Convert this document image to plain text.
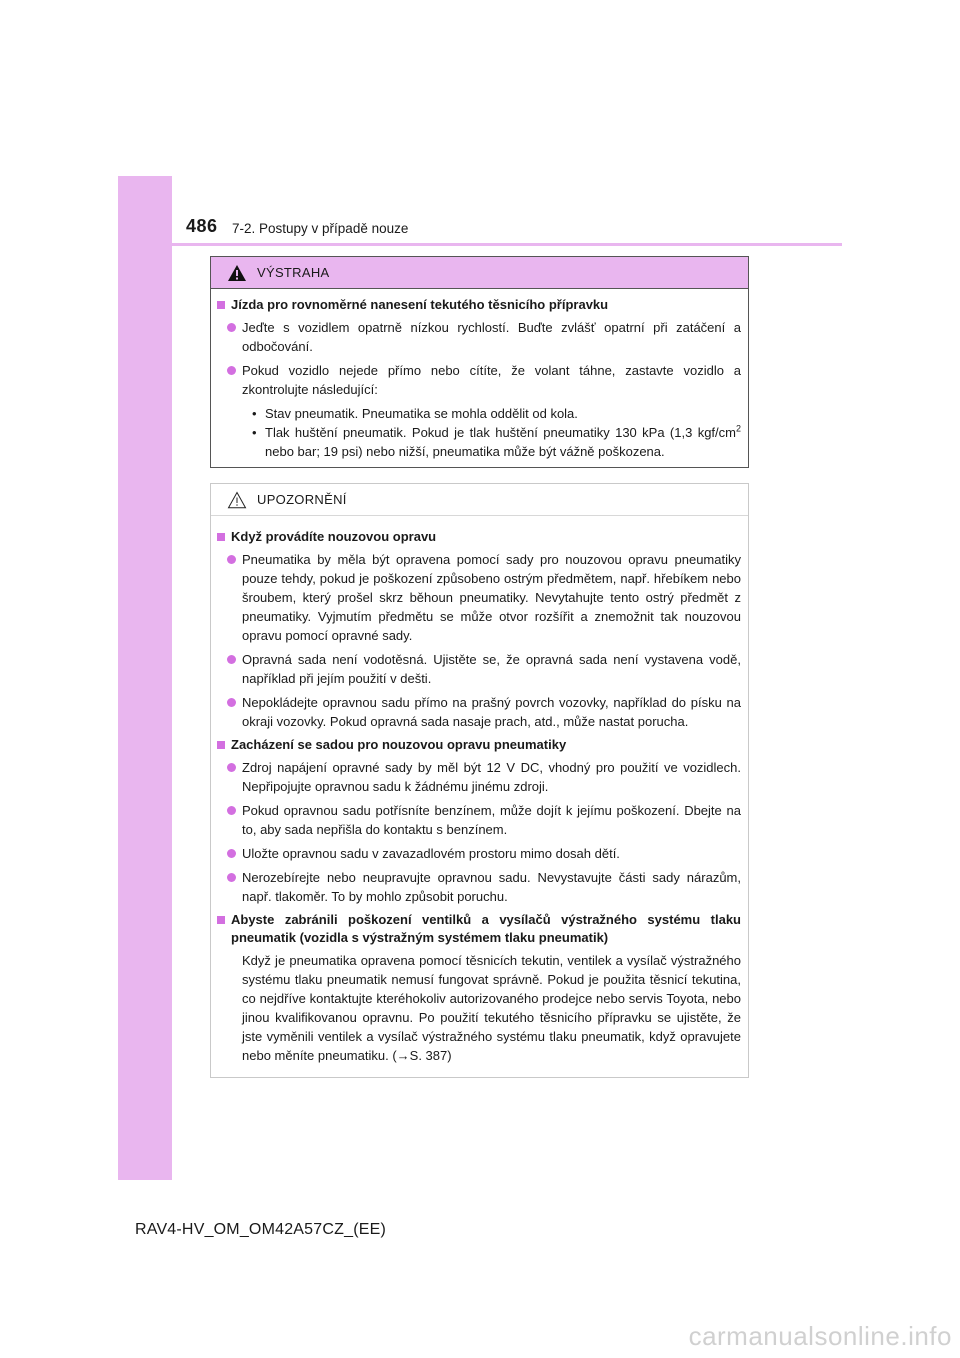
486 7-2. Postupy v případě nouze
VÝSTRAHA
Jízda pro rovnoměrné nanesení tekutého těsnicího přípravku
Jeďte s vozidlem opatrně nízkou rychlostí. Buďte zvlášť opatrní při zatáčení a odbočování.
Pokud vozidlo nejede přímo nebo cítíte, že volant táhne, zastavte vozidlo a zkontrolujte následující:
• Stav pneumatik. Pneumatika se mohla oddělit od kola.
• Tlak huštění pneumatik. Pokud je tlak huštění pneumatiky 130 kPa (1,3 kgf/$cm^2$ nebo bar; 19 psi) nebo nižší, pneumatika může být vážně poškozena.
UPOZORNĚNÍ
Když provádíte nouzovou opravu
Pneumatika by měla být opravena pomocí sady pro nouzovou opravu pneumatiky pouze tehdy, pokud je poškození způsobeno ostrým předmětem, např. hřebíkem nebo šroubem, který prošel skrz běhoun pneumatiky. Nevytahujte tento ostrý předmět z pneumatiky. Vyjmutím předmětu se může otvor rozšířit a znemožnit tak nouzovou opravu pomocí opravné sady.
Opravná sada není vodotěsná. Ujistěte se, že opravná sada není vystavena vodě, například při jejím použití v dešti.
Nepokládejte opravnou sadu přímo na prašný povrch vozovky, například do písku na okraji vozovky. Pokud opravná sada nasaje prach, atd., může nastat porucha.
Zacházení se sadou pro nouzovou opravu pneumatiky
Zdroj napájení opravné sady by měl být 12 V DC, vhodný pro použití ve vozidlech. Nepřipojujte opravnou sadu k žádnému jinému zdroji.
Pokud opravnou sadu potřísníte benzínem, může dojít k jejímu poškození. Dbejte na to, aby sada nepřišla do kontaktu s benzínem.
Uložte opravnou sadu v zavazadlovém prostoru mimo dosah dětí.
Nerozebírejte nebo neupravujte opravnou sadu. Nevystavujte části sady nárazům, např. tlakoměr. To by mohlo způsobit poruchu.
Abyste zabránili poškození ventilků a vysílačů výstražného systému tlaku pneumatik (vozidla s výstražným systémem tlaku pneumatik)
Když je pneumatika opravena pomocí těsnicích tekutin, ventilek a vysílač výstražného systému tlaku pneumatik nemusí fungovat správně. Pokud je použita těsnicí tekutina, co nejdříve kontaktujte kteréhokoliv autorizovaného prodejce nebo servis Toyota, nebo jinou kvalifikovanou opravnu. Po použití tekutého těsnicího přípravku se ujistěte, že jste vyměnili ventilek a vysílač výstražného systému tlaku pneumatik, když opravujete nebo měníte pneumatiku. (→S. 387)
RAV4-HV_OM_OM42A57CZ_(EE)
carmanualsonline.info
